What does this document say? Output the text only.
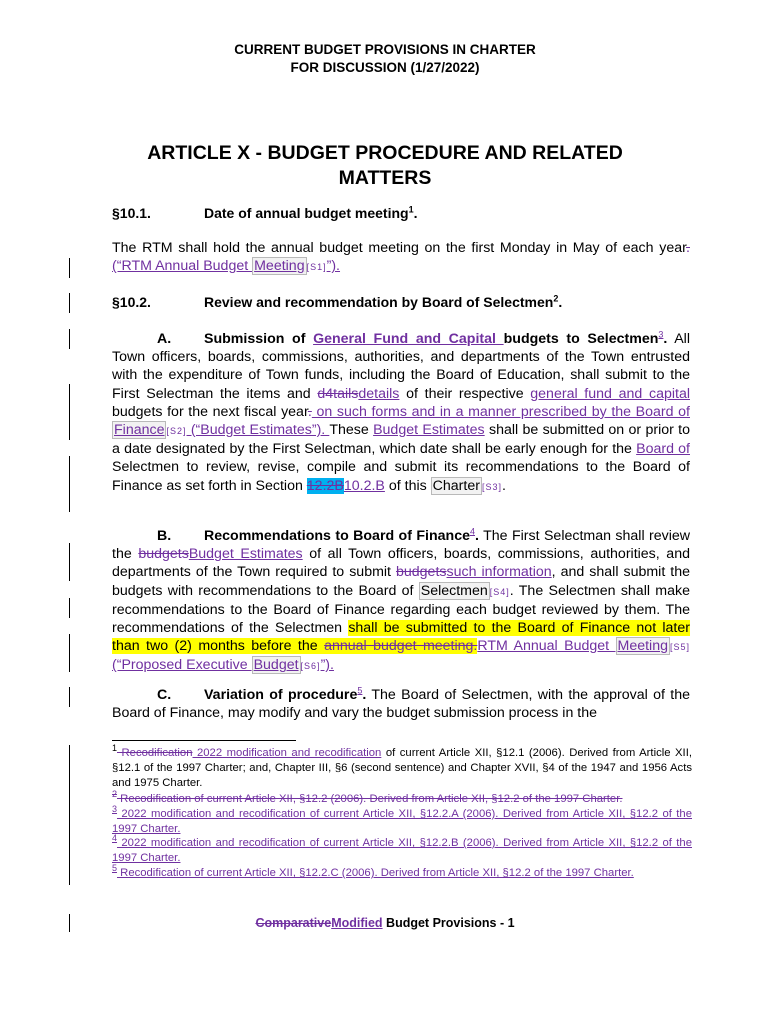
CURRENT BUDGET PROVISIONS IN CHARTER
FOR DISCUSSION (1/27/2022)
ARTICLE X - BUDGET PROCEDURE AND RELATED
MATTERS
§10.1.	Date of annual budget meeting$^1$.

The RTM shall hold the annual budget meeting on the first Monday in May of each year. (“RTM Annual Budget Meeting [S1]”).

§10.2.	Review and recommendation by Board of Selectmen$^2$.

A. Submission of General Fund and Capital budgets to Selectmen$^3$. All Town officers, boards, commissions, authorities, and departments of the Town entrusted with the expenditure of Town funds, including the Board of Education, shall submit to the First Selectman the items and d4tailsdetails of their respective general fund and capital budgets for the next fiscal year. on such forms and in a manner prescribed by the Board of Finance [S2] (“Budget Estimates”). These Budget Estimates shall be submitted on or prior to a date designated by the First Selectman, which date shall be early enough for the Board of Selectmen to review, revise, compile and submit its recommendations to the Board of Finance as set forth in Section 12.2B10.2.B of this Charter [S3].

B. Recommendations to Board of Finance$^4$. The First Selectman shall review the budgetsBudget Estimates of all Town officers, boards, commissions, authorities, and departments of the Town required to submit budgetssuch information, and shall submit the budgets with recommendations to the Board of Selectmen [S4]. The Selectmen shall make recommendations to the Board of Finance regarding each budget reviewed by them. The recommendations of the Selectmen shall be submitted to the Board of Finance not later than two (2) months before the annual budget meeting.RTM Annual Budget Meeting [S5] (“Proposed Executive Budget [S6]”).

C. Variation of procedure$^5$. The Board of Selectmen, with the approval of the Board of Finance, may modify and vary the budget submission process in the

$^1$ Recodification 2022 modification and recodification of current Article XII, §12.1 (2006). Derived from Article XII, §12.1 of the 1997 Charter; and, Chapter III, §6 (second sentence) and Chapter XVII, §4 of the 1947 and 1956 Acts and 1975 Charter.

$^2$ Recodification of current Article XII, §12.2 (2006). Derived from Article XII, §12.2 of the 1997 Charter.

$^3$ 2022 modification and recodification of current Article XII, §12.2.A (2006). Derived from Article XII, §12.2 of the 1997 Charter.

$^4$ 2022 modification and recodification of current Article XII, §12.2.B (2006). Derived from Article XII, §12.2 of the 1997 Charter.

$^5$ Recodification of current Article XII, §12.2.C (2006). Derived from Article XII, §12.2 of the 1997 Charter.

ComparativeModified Budget Provisions - 1
